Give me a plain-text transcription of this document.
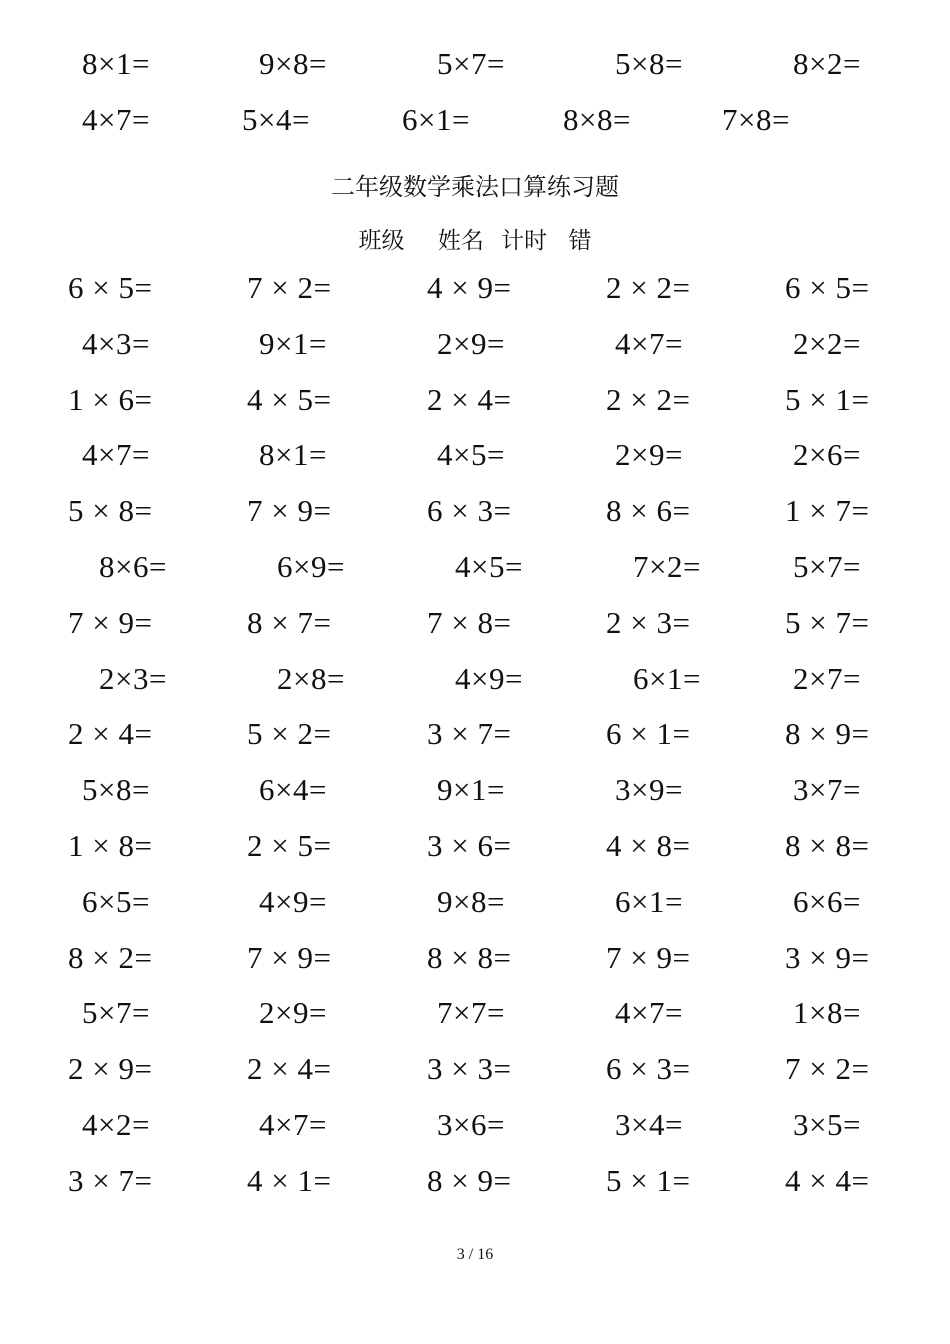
8×1=	9×8=	5×7=	5×8=	8×2=
4×7=	5×4=	6×1=	8×8=	7×8=
二年级数学乘法口算练习题
班级 姓名 计时 错
6 × 5=	7 × 2=	4 × 9=	2 × 2=	6 × 5=
4×3=	9×1=	2×9=	4×7=	2×2=
1 × 6=	4 × 5=	2 × 4=	2 × 2=	5 × 1=
4×7=	8×1=	4×5=	2×9=	2×6=
5 × 8=	7 × 9=	6 × 3=	8 × 6=	1 × 7=
8×6=	6×9=	4×5=	7×2=	5×7=
7 × 9=	8 × 7=	7 × 8=	2 × 3=	5 × 7=
2×3=	2×8=	4×9=	6×1=	2×7=
2 × 4=	5 × 2=	3 × 7=	6 × 1=	8 × 9=
5×8=	6×4=	9×1=	3×9=	3×7=
1 × 8=	2 × 5=	3 × 6=	4 × 8=	8 × 8=
6×5=	4×9=	9×8=	6×1=	6×6=
8 × 2=	7 × 9=	8 × 8=	7 × 9=	3 × 9=
5×7=	2×9=	7×7=	4×7=	1×8=
2 × 9=	2 × 4=	3 × 3=	6 × 3=	7 × 2=
4×2=	4×7=	3×6=	3×4=	3×5=
3 × 7=	4 × 1=	8 × 9=	5 × 1=	4 × 4=
3 / 16
